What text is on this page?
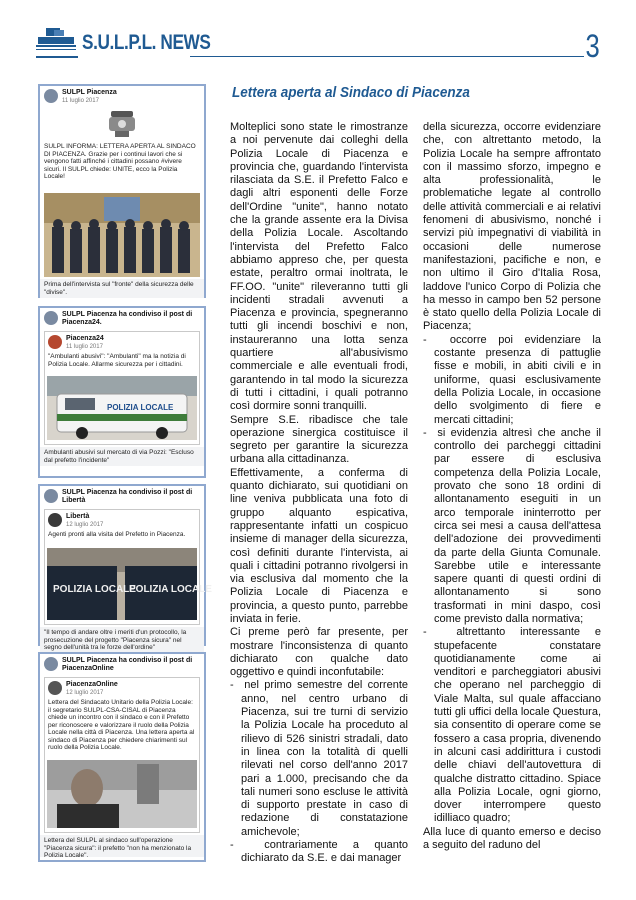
S.U.L.P.L. NEWS	3
SULPL Piacenza
11 luglio 2017
SULPL INFORMA: LETTERA APERTA AL SINDACO DI PIACENZA. Grazie per i continui lavori che si vengono fatti affinché i cittadini possano #vivere sicuri. Il SULPL chiede: UNITE, ecco la Polizia Locale!
Prima dell'intervista sul "fronte" della sicurezza delle "divise".
SULPL Piacenza ha condiviso il post di Piacenza24.
Piacenza24
11 luglio 2017
"Ambulanti abusivi": "Ambulanti" ma la notizia di Polizia Locale. Allarme sicurezza per i cittadini.
POLIZIA LOCALE
Ambulanti abusivi sul mercato di via Pozzi: "Escluso dal prefetto l'incidente"
SULPL Piacenza ha condiviso il post di Libertà
Libertà
12 luglio 2017
Agenti pronti alla visita del Prefetto in Piacenza.
POLIZIA LOCALE
POLIZIA LOCALE
"Il tempo di andare oltre i meriti d'un protocollo, la prosecuzione del progetto "Piacenza sicura" nel segno dell'unità tra le forze dell'ordine"
SULPL Piacenza ha condiviso il post di PiacenzaOnline
PiacenzaOnline
12 luglio 2017
Lettera del Sindacato Unitario della Polizia Locale: il segretario SULPL-CSA-CISAL di Piacenza chiede un incontro con il sindaco e con il Prefetto per riconoscere e valorizzare il ruolo della Polizia Locale nella città di Piacenza. Una lettera aperta al sindaco di Piacenza per chiedere chiarimenti sul ruolo della Polizia Locale.
Lettera del SULPL al sindaco sull'operazione "Piacenza sicura": il prefetto "non ha menzionato la Polizia Locale".
Lettera aperta al Sindaco di Piacenza

Molteplici sono state le rimostranze a noi pervenute dai colleghi della Polizia Locale di Piacenza e provincia che, guardando l'intervista rilasciata da S.E. il Prefetto Falco e dagli altri esponenti delle Forze dell'Ordine "unite", hanno notato che la grande assente era la Divisa della Polizia Locale. Ascoltando l'intervista del Prefetto Falco abbiamo appreso che, per questa estate, peraltro ormai inoltrata, le FF.OO. "unite" rileveranno tutti gli incidenti stradali avvenuti a Piacenza e provincia, spegneranno tutti gli incendi boschivi e non, instaureranno una lotta senza quartiere all'abusivismo commerciale e alle eventuali frodi, garantendo in tal modo la sicurezza di tutti i cittadini, i quali potranno così dormire sonni tranquilli.

Sempre S.E. ribadisce che tale operazione sinergica costituisce il segreto per garantire la sicurezza urbana alla cittadinanza.

Effettivamente, a conferma di quanto dichiarato, sui quotidiani on line veniva pubblicata una foto di gruppo alquanto espicativa, rappresentante infatti un cospicuo insieme di manager della sicurezza, così definiti durante l'intervista, ai quali i cittadini potranno rivolgersi in via esclusiva dal momento che la Polizia Locale di Piacenza e provincia, a questo punto, parrebbe inviata in ferie.

Ci preme però far presente, per mostrare l'inconsistenza di quanto dichiarato con qualche dato oggettivo e quindi inconfutabile:

-  nel primo semestre del corrente anno, nel centro urbano di Piacenza, sui tre turni di servizio la Polizia Locale ha proceduto al rilievo di 526 sinistri stradali, dato in linea con la totalità di quelli rilevati nel corso dell'anno 2017 pari a 1.000, precisando che da tali numeri sono escluse le attività di supporto prestate in caso di redazione di constatazione amichevole;

-  contrariamente a quanto dichiarato da S.E. e dai manager

della sicurezza, occorre evidenziare che, con altrettanto metodo, la Polizia Locale ha sempre affrontato con il massimo sforzo, impegno e alta professionalità, le problematiche legate al controllo delle attività commerciali e ai relativi fenomeni di abusivismo, nonché i servizi più impegnativi di viabilità in occasioni delle numerose manifestazioni, pacifiche e non, e non ultimo il Giro d'Italia Rosa, laddove l'unico Corpo di Polizia che ha messo in campo ben 52 persone è stato quello della Polizia Locale di Piacenza;

-  occorre poi evidenziare la costante presenza di pattuglie fisse e mobili, in abiti civili e in uniforme, quasi esclusivamente della Polizia Locale, in occasione dello svolgimento di fiere e mercati cittadini;

-  si evidenzia altresì che anche il controllo dei parcheggi cittadini par essere di esclusiva competenza della Polizia Locale, provato che sono 18 ordini di allontanamento eseguiti in un arco temporale ininterrotto per circa sei mesi a causa dell'attesa dell'adozione dei provvedimenti da parte della Giunta Comunale. Sarebbe utile e interessante sapere quanti di questi ordini di allontanamento si sono trasformati in mini daspo, così come previsto dalla normativa;

-  altrettanto interessante e stupefacente constatare quotidianamente come ai venditori e parcheggiatori abusivi che operano nel parcheggio di Viale Malta, sul quale affacciano tutti gli uffici della locale Questura, sia consentito di operare come se fossero a casa propria, divenendo in alcuni casi addirittura i custodi delle chiavi dell'autovettura di qualche distratto cittadino. Spiace alla Polizia Locale, ogni giorno, dover interrompere questo idilliaco quadro;

Alla luce di quanto emerso e deciso a seguito del raduno del
